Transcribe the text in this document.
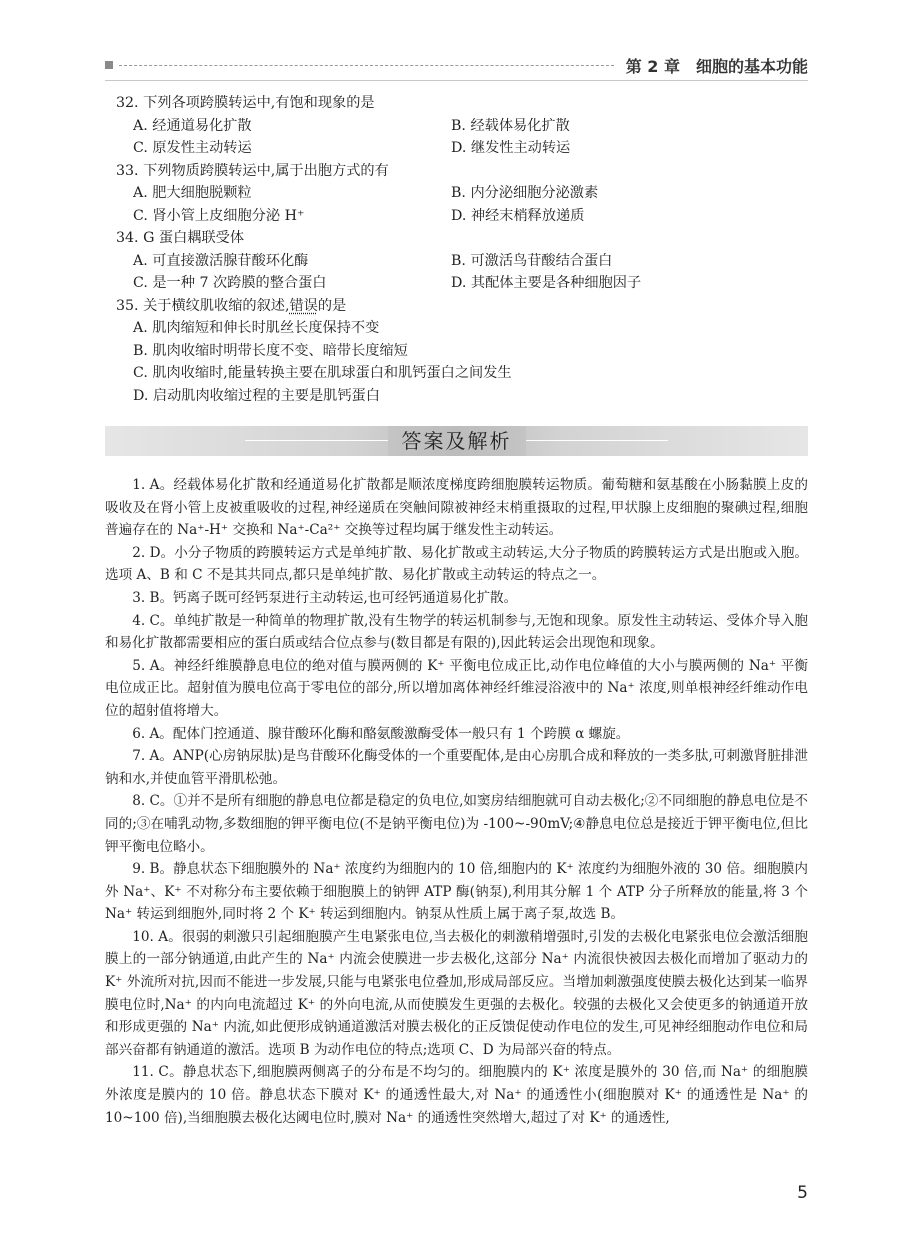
第 2 章　细胞的基本功能
32. 下列各项跨膜转运中,有饱和现象的是
A. 经通道易化扩散	B. 经载体易化扩散
C. 原发性主动转运	D. 继发性主动转运
33. 下列物质跨膜转运中,属于出胞方式的有
A. 肥大细胞脱颗粒	B. 内分泌细胞分泌激素
C. 肾小管上皮细胞分泌 H⁺	D. 神经末梢释放递质
34. G 蛋白耦联受体
A. 可直接激活腺苷酸环化酶	B. 可激活鸟苷酸结合蛋白
C. 是一种 7 次跨膜的整合蛋白	D. 其配体主要是各种细胞因子
35. 关于横纹肌收缩的叙述,错误的是
A. 肌肉缩短和伸长时肌丝长度保持不变
B. 肌肉收缩时明带长度不变、暗带长度缩短
C. 肌肉收缩时,能量转换主要在肌球蛋白和肌钙蛋白之间发生
D. 启动肌肉收缩过程的主要是肌钙蛋白
答案及解析

1. A。经载体易化扩散和经通道易化扩散都是顺浓度梯度跨细胞膜转运物质。葡萄糖和氨基酸在小肠黏膜上皮的吸收及在肾小管上皮被重吸收的过程,神经递质在突触间隙被神经末梢重摄取的过程,甲状腺上皮细胞的聚碘过程,细胞普遍存在的 Na⁺-H⁺ 交换和 Na⁺-Ca²⁺ 交换等过程均属于继发性主动转运。

2. D。小分子物质的跨膜转运方式是单纯扩散、易化扩散或主动转运,大分子物质的跨膜转运方式是出胞或入胞。选项 A、B 和 C 不是其共同点,都只是单纯扩散、易化扩散或主动转运的特点之一。

3. B。钙离子既可经钙泵进行主动转运,也可经钙通道易化扩散。

4. C。单纯扩散是一种简单的物理扩散,没有生物学的转运机制参与,无饱和现象。原发性主动转运、受体介导入胞和易化扩散都需要相应的蛋白质或结合位点参与(数目都是有限的),因此转运会出现饱和现象。

5. A。神经纤维膜静息电位的绝对值与膜两侧的 K⁺ 平衡电位成正比,动作电位峰值的大小与膜两侧的 Na⁺ 平衡电位成正比。超射值为膜电位高于零电位的部分,所以增加离体神经纤维浸浴液中的 Na⁺ 浓度,则单根神经纤维动作电位的超射值将增大。

6. A。配体门控通道、腺苷酸环化酶和酪氨酸激酶受体一般只有 1 个跨膜 α 螺旋。

7. A。ANP(心房钠尿肽)是鸟苷酸环化酶受体的一个重要配体,是由心房肌合成和释放的一类多肽,可刺激肾脏排泄钠和水,并使血管平滑肌松弛。

8. C。①并不是所有细胞的静息电位都是稳定的负电位,如窦房结细胞就可自动去极化;②不同细胞的静息电位是不同的;③在哺乳动物,多数细胞的钾平衡电位(不是钠平衡电位)为 -100~-90mV;④静息电位总是接近于钾平衡电位,但比钾平衡电位略小。

9. B。静息状态下细胞膜外的 Na⁺ 浓度约为细胞内的 10 倍,细胞内的 K⁺ 浓度约为细胞外液的 30 倍。细胞膜内外 Na⁺、K⁺ 不对称分布主要依赖于细胞膜上的钠钾 ATP 酶(钠泵),利用其分解 1 个 ATP 分子所释放的能量,将 3 个 Na⁺ 转运到细胞外,同时将 2 个 K⁺ 转运到细胞内。钠泵从性质上属于离子泵,故选 B。

10. A。很弱的刺激只引起细胞膜产生电紧张电位,当去极化的刺激稍增强时,引发的去极化电紧张电位会激活细胞膜上的一部分钠通道,由此产生的 Na⁺ 内流会使膜进一步去极化,这部分 Na⁺ 内流很快被因去极化而增加了驱动力的 K⁺ 外流所对抗,因而不能进一步发展,只能与电紧张电位叠加,形成局部反应。当增加刺激强度使膜去极化达到某一临界膜电位时,Na⁺ 的内向电流超过 K⁺ 的外向电流,从而使膜发生更强的去极化。较强的去极化又会使更多的钠通道开放和形成更强的 Na⁺ 内流,如此便形成钠通道激活对膜去极化的正反馈促使动作电位的发生,可见神经细胞动作电位和局部兴奋都有钠通道的激活。选项 B 为动作电位的特点;选项 C、D 为局部兴奋的特点。

11. C。静息状态下,细胞膜两侧离子的分布是不均匀的。细胞膜内的 K⁺ 浓度是膜外的 30 倍,而 Na⁺ 的细胞膜外浓度是膜内的 10 倍。静息状态下膜对 K⁺ 的通透性最大,对 Na⁺ 的通透性小(细胞膜对 K⁺ 的通透性是 Na⁺ 的 10~100 倍),当细胞膜去极化达阈电位时,膜对 Na⁺ 的通透性突然增大,超过了对 K⁺ 的通透性,

5
